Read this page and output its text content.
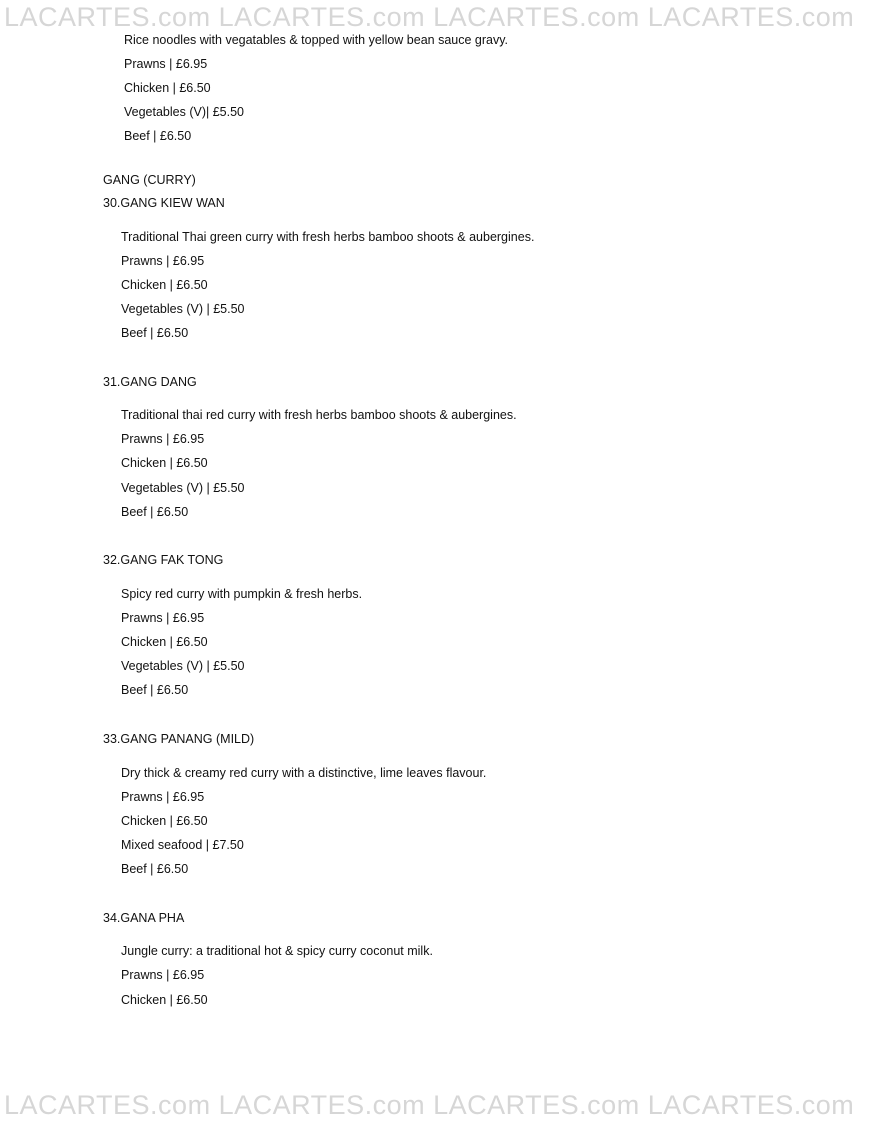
LACARTES.com LACARTES.com LACARTES.com LACARTES.com
Rice noodles with vegatables & topped with yellow bean sauce gravy.
Prawns | £6.95
Chicken | £6.50
Vegetables (V)| £5.50
Beef | £6.50
GANG (CURRY)
30.GANG KIEW WAN
Traditional Thai green curry with fresh herbs bamboo shoots & aubergines.
Prawns | £6.95
Chicken | £6.50
Vegetables (V) | £5.50
Beef | £6.50
31.GANG DANG
Traditional thai red curry with fresh herbs bamboo shoots & aubergines.
Prawns | £6.95
Chicken | £6.50
Vegetables (V) | £5.50
Beef | £6.50
32.GANG FAK TONG
Spicy red curry with pumpkin & fresh herbs.
Prawns | £6.95
Chicken | £6.50
Vegetables (V) | £5.50
Beef | £6.50
33.GANG PANANG (MILD)
Dry thick & creamy red curry with a distinctive, lime leaves flavour.
Prawns | £6.95
Chicken | £6.50
Mixed seafood | £7.50
Beef | £6.50
34.GANA PHA
Jungle curry: a traditional hot & spicy curry coconut milk.
Prawns | £6.95
Chicken | £6.50
LACARTES.com LACARTES.com LACARTES.com LACARTES.com
